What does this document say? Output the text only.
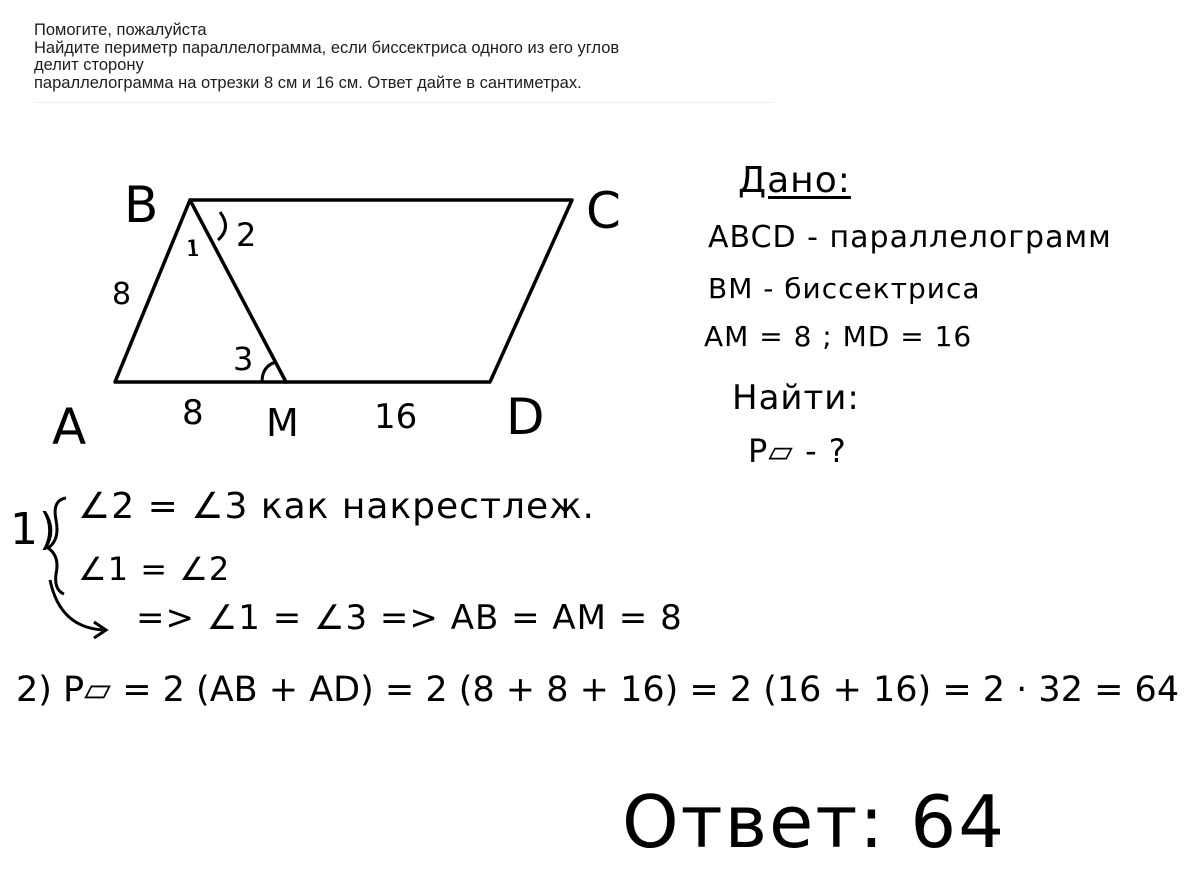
Помогите, пожалуйста
Найдите периметр параллелограмма, если биссектриса одного из его углов
делит сторону
параллелограмма на отрезки 8 см и 16 см. Ответ дайте в сантиметрах.
B	C
A	D
M
2
3
1
8
8	16

Дано:

ABCD - параллелограмм

BM - биссектриса

AM = 8 ; MD = 16

Найти:

P▱ - ?

1) ∠2 = ∠3 как накрестлеж.

∠1 = ∠2

=> ∠1 = ∠3 => AB = AM = 8

2) P▱ = 2 (AB + AD) = 2 (8 + 8 + 16) = 2 (16 + 16) = 2 · 32 = 64

Ответ: 64
